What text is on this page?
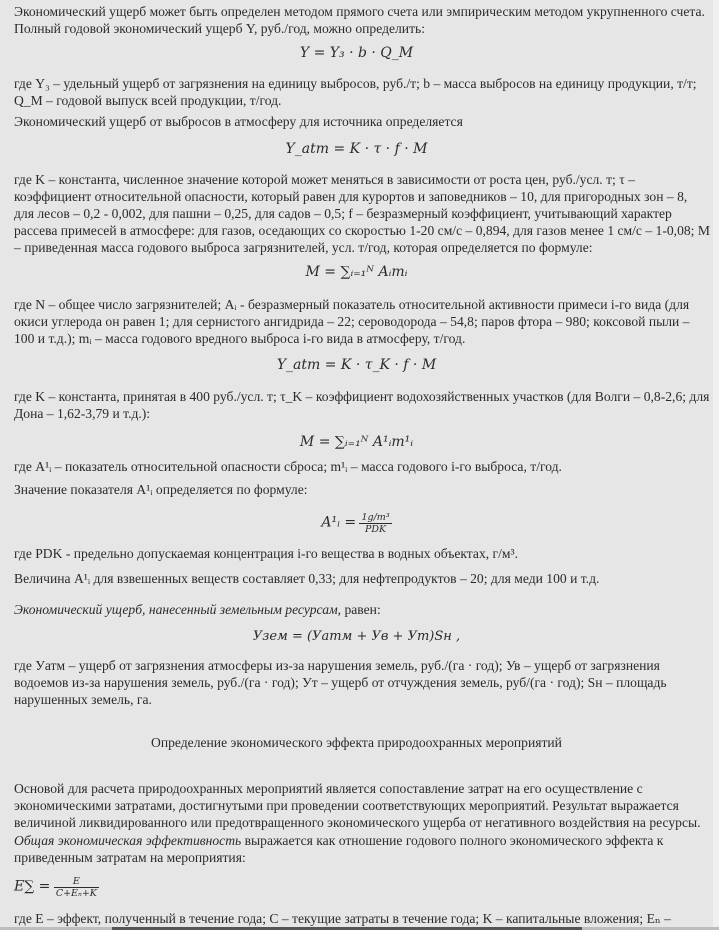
Экономический ущерб может быть определен методом прямого счета или эмпирическим методом укрупненного счета.

Полный годовой экономический ущерб Y, руб./год, можно определить:

Y = Y₃ · b · Q_M

где Y₃ – удельный ущерб от загрязнения на единицу выбросов, руб./т; b – масса выбросов на единицу продукции, т/т;

Q_M – годовой выпуск всей продукции, т/год.

Экономический ущерб от выбросов в атмосферу для источника определяется

Y_atm = K · τ · f · M

где K – константа, численное значение которой может меняться в зависимости от роста цен, руб./усл. т; τ – коэффициент относительной опасности, который равен для курортов и заповедников – 10, для пригородных зон – 8, для лесов – 0,2 - 0,002, для пашни – 0,25, для садов – 0,5; f – безразмерный коэффициент, учитывающий характер рассева примесей в атмосфере: для газов, оседающих со скоростью 1-20 см/с – 0,894, для газов менее 1 см/с – 1-0,08; M – приведенная масса годового выброса загрязнителей, усл. т/год, которая определяется по формуле:

M = ∑ᵢ₌₁ᴺ Aᵢmᵢ

где N – общее число загрязнителей; Aᵢ - безразмерный показатель относительной активности примеси i-го вида (для окиси углерода он равен 1; для сернистого ангидрида – 22; сероводорода – 54,8; паров фтора – 980; коксовой пыли – 100 и т.д.); mᵢ – масса годового вредного выброса i-го вида в атмосферу, т/год.

Y_atm = K · τ_K · f · M

где K – константа, принятая в 400 руб./усл. т; τ_K – коэффициент водохозяйственных участков (для Волги – 0,8-2,6; для Дона – 1,62-3,79 и т.д.):

M = ∑ᵢ₌₁ᴺ A¹ᵢm¹ᵢ

где A¹ᵢ – показатель относительной опасности сброса; m¹ᵢ – масса годового i-го выброса, т/год.

Значение показателя A¹ᵢ определяется по формуле:

A¹ᵢ = $\frac{\text{1g/m³}}{\text{PDK}}$

где PDK - предельно допускаемая концентрация i-го вещества в водных объектах, г/м³.

Величина A¹ᵢ для взвешенных веществ составляет 0,33; для нефтепродуктов – 20; для меди 100 и т.д.

Экономический ущерб, нанесенный земельным ресурсам, равен:

Узем = (Уатм + Ув + Ут)Sн ,

где Уатм – ущерб от загрязнения атмосферы из-за нарушения земель, руб./(га · год); Ув – ущерб от загрязнения водоемов из-за нарушения земель, руб./(га · год); Ут – ущерб от отчуждения земель, руб/(га · год); Sн – площадь нарушенных земель, га.

Определение экономического эффекта природоохранных мероприятий

Основой для расчета природоохранных мероприятий является сопоставление затрат на его осуществление с экономическими затратами, достигнутыми при проведении соответствующих мероприятий. Результат выражается величиной ликвидированного или предотвращенного экономического ущерба от негативного воздействия на ресурсы.

Общая экономическая эффективность выражается как отношение годового полного экономического эффекта к приведенным затратам на мероприятия:

$E\sum = \frac{E}{\text{C+Eₙ+K}}$

где E – эффект, полученный в течение года; C – текущие затраты в течение года; K – капитальные вложения; Eₙ –
